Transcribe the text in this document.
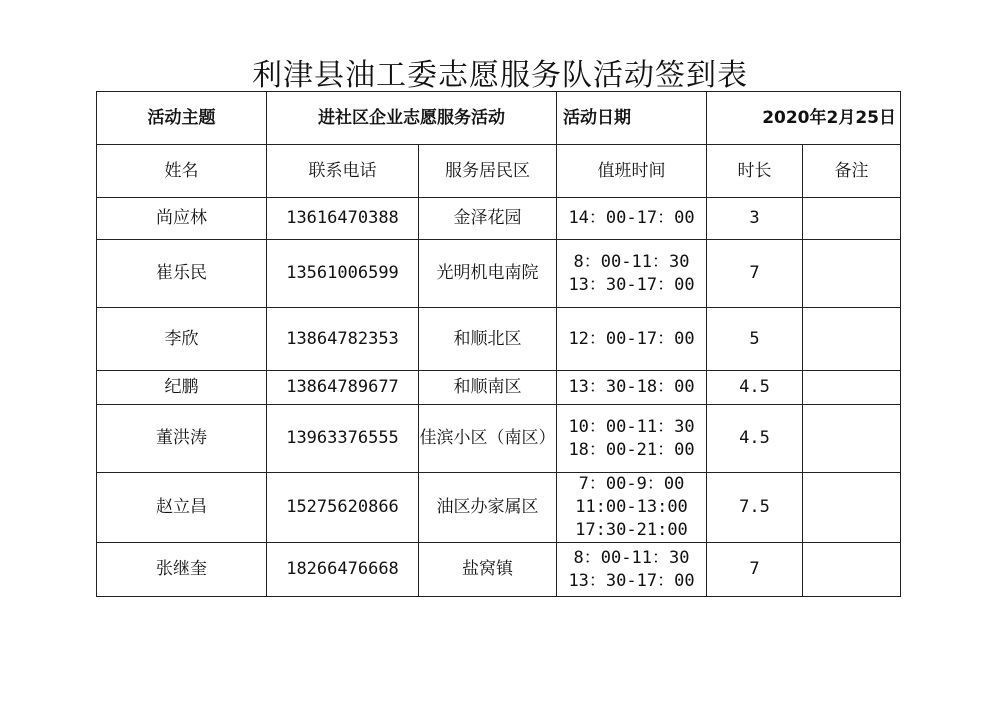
利津县油工委志愿服务队活动签到表
活动主题	进社区企业志愿服务活动		活动日期	2020年2月25日	
姓名	联系电话	服务居民区	值班时间	时长	备注
尚应林	13616470388	金泽花园	14：00-17：00	3	
崔乐民	13561006599	光明机电南院	8：00-11：30
13：30-17：00	7	
李欣	13864782353	和顺北区	12：00-17：00	5	
纪鹏	13864789677	和顺南区	13：30-18：00	4.5	
董洪涛	13963376555	佳滨小区（南区）	10：00-11：30
18：00-21：00	4.5	
赵立昌	15275620866	油区办家属区	7：00-9：00
11:00-13:00
17:30-21:00	7.5	
张继奎	18266476668	盐窝镇	8：00-11：30
13：30-17：00	7	
